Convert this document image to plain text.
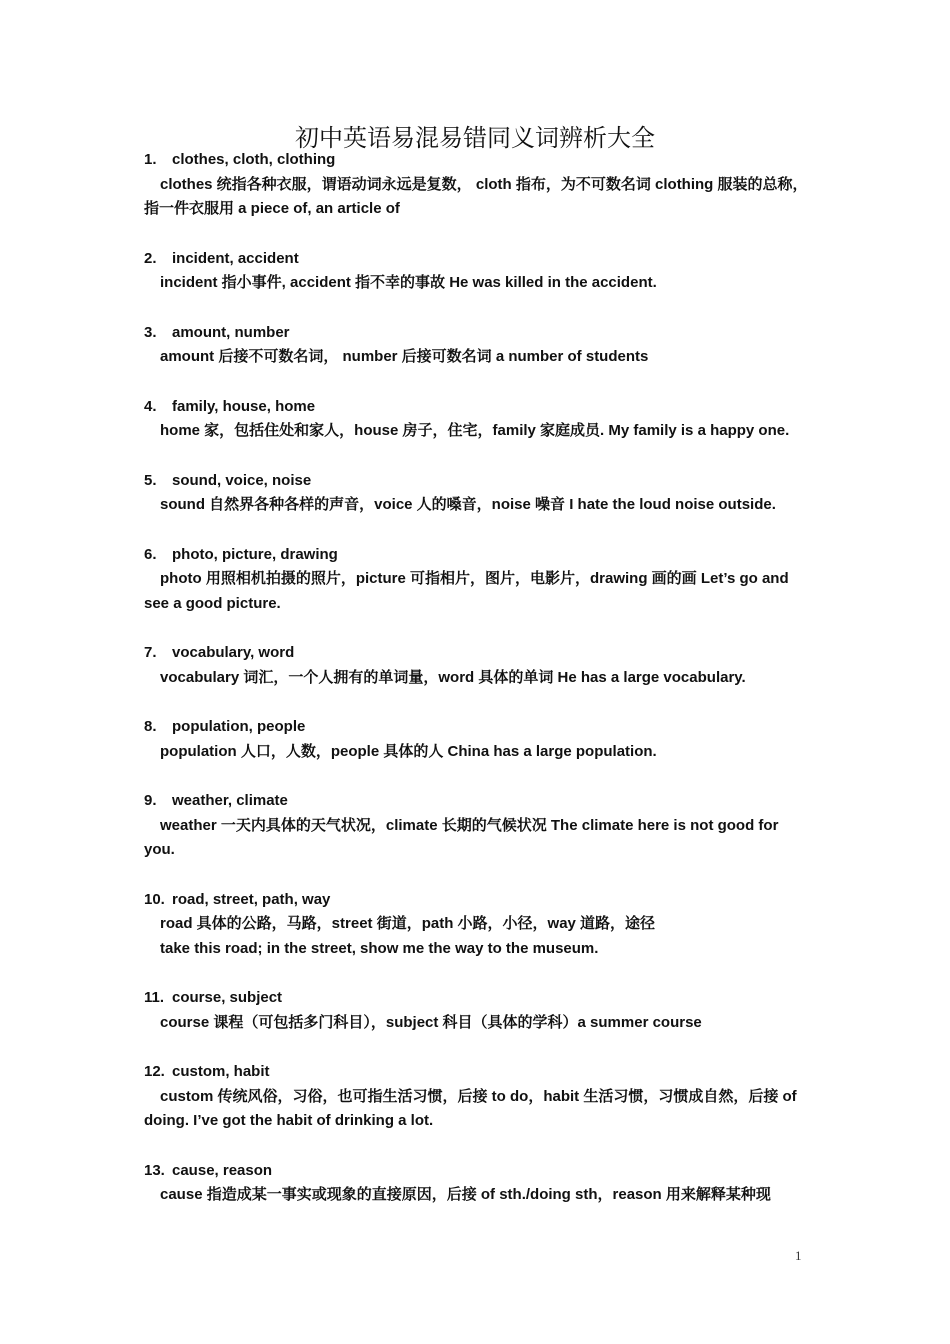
初中英语易混易错同义词辨析大全
1. clothes, cloth, clothing
clothes 统指各种衣服，谓语动词永远是复数， cloth 指布，为不可数名词 clothing 服装的总称，指一件衣服用 a piece of, an article of
2. incident, accident
incident 指小事件, accident 指不幸的事故 He was killed in the accident.
3. amount, number
amount 后接不可数名词， number 后接可数名词 a number of students
4. family, house, home
home 家，包括住处和家人，house 房子，住宅，family 家庭成员. My family is a happy one.
5. sound, voice, noise
sound 自然界各种各样的声音，voice 人的嗓音，noise 噪音 I hate the loud noise outside.
6. photo, picture, drawing
photo 用照相机拍摄的照片，picture 可指相片，图片，电影片，drawing 画的画 Let’s go and see a good picture.
7. vocabulary, word
vocabulary 词汇，一个人拥有的单词量，word 具体的单词 He has a large vocabulary.
8. population, people
population 人口，人数，people 具体的人 China has a large population.
9. weather, climate
weather 一天内具体的天气状况，climate 长期的气候状况 The climate here is not good for you.
10. road, street, path, way
road 具体的公路，马路，street 街道，path 小路，小径，way 道路，途径
take this road; in the street, show me the way to the museum.
11. course, subject
course 课程（可包括多门科目），subject 科目（具体的学科）a summer course
12. custom, habit
custom 传统风俗，习俗，也可指生活习惯，后接 to do，habit 生活习惯，习惯成自然，后接 of doing. I’ve got the habit of drinking a lot.
13. cause, reason
cause 指造成某一事实或现象的直接原因，后接 of sth./doing sth，reason 用来解释某种现
1
